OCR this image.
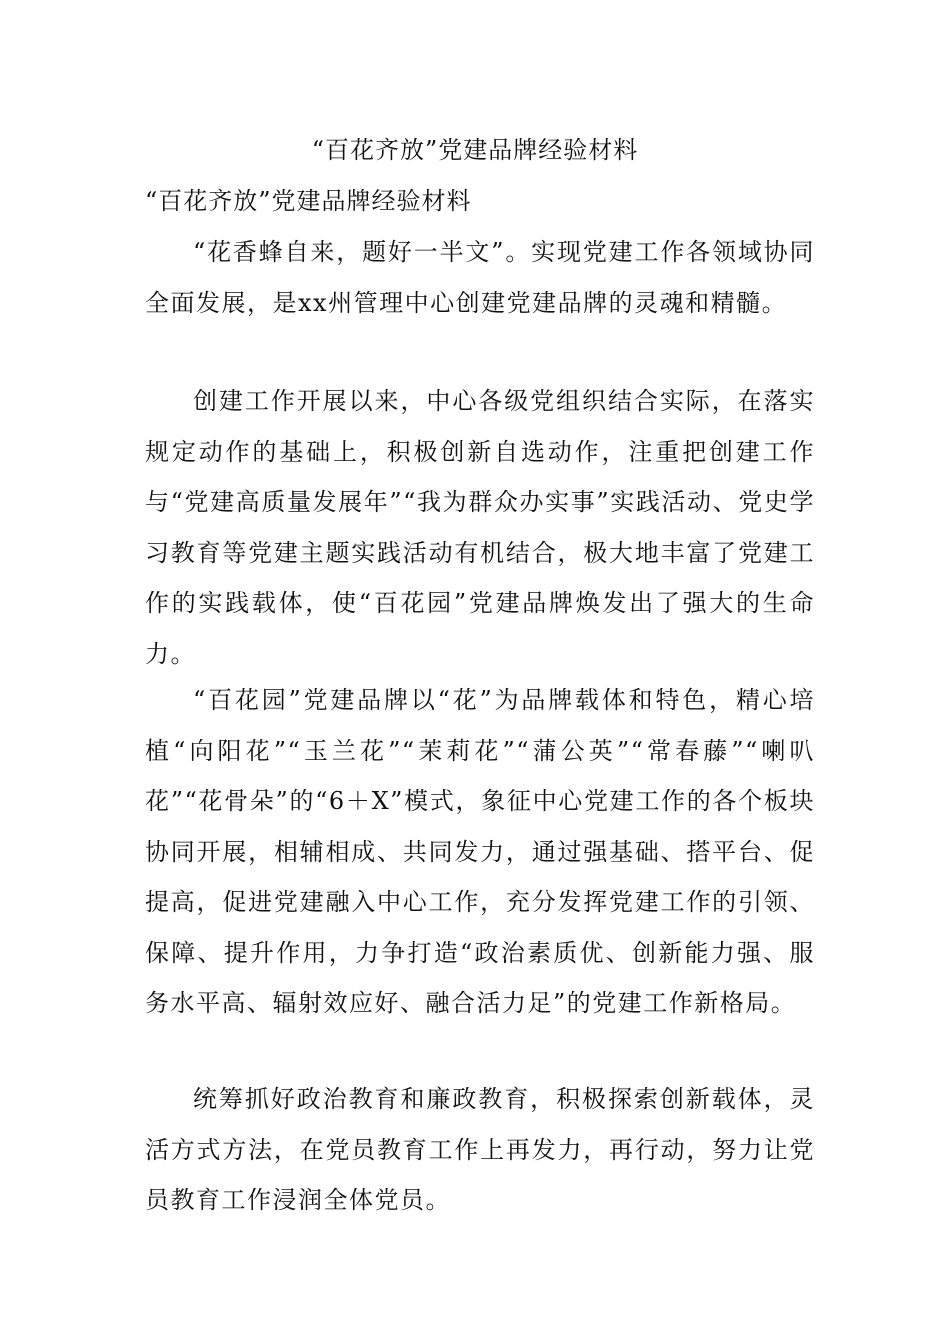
“百花齐放”党建品牌经验材料
“百花齐放”党建品牌经验材料

“花香蜂自来，题好一半文”。实现党建工作各领域协同全面发展，是xx州管理中心创建党建品牌的灵魂和精髓。

创建工作开展以来，中心各级党组织结合实际，在落实规定动作的基础上，积极创新自选动作，注重把创建工作与“党建高质量发展年”“我为群众办实事”实践活动、党史学习教育等党建主题实践活动有机结合，极大地丰富了党建工作的实践载体，使“百花园”党建品牌焕发出了强大的生命力。

“百花园”党建品牌以“花”为品牌载体和特色，精心培植“向阳花”“玉兰花”“茉莉花”“蒲公英”“常春藤”“喇叭花”“花骨朵”的“6＋X”模式，象征中心党建工作的各个板块协同开展，相辅相成、共同发力，通过强基础、搭平台、促提高，促进党建融入中心工作，充分发挥党建工作的引领、保障、提升作用，力争打造“政治素质优、创新能力强、服务水平高、辐射效应好、融合活力足”的党建工作新格局。

统筹抓好政治教育和廉政教育，积极探索创新载体，灵活方式方法，在党员教育工作上再发力，再行动，努力让党员教育工作浸润全体党员。
